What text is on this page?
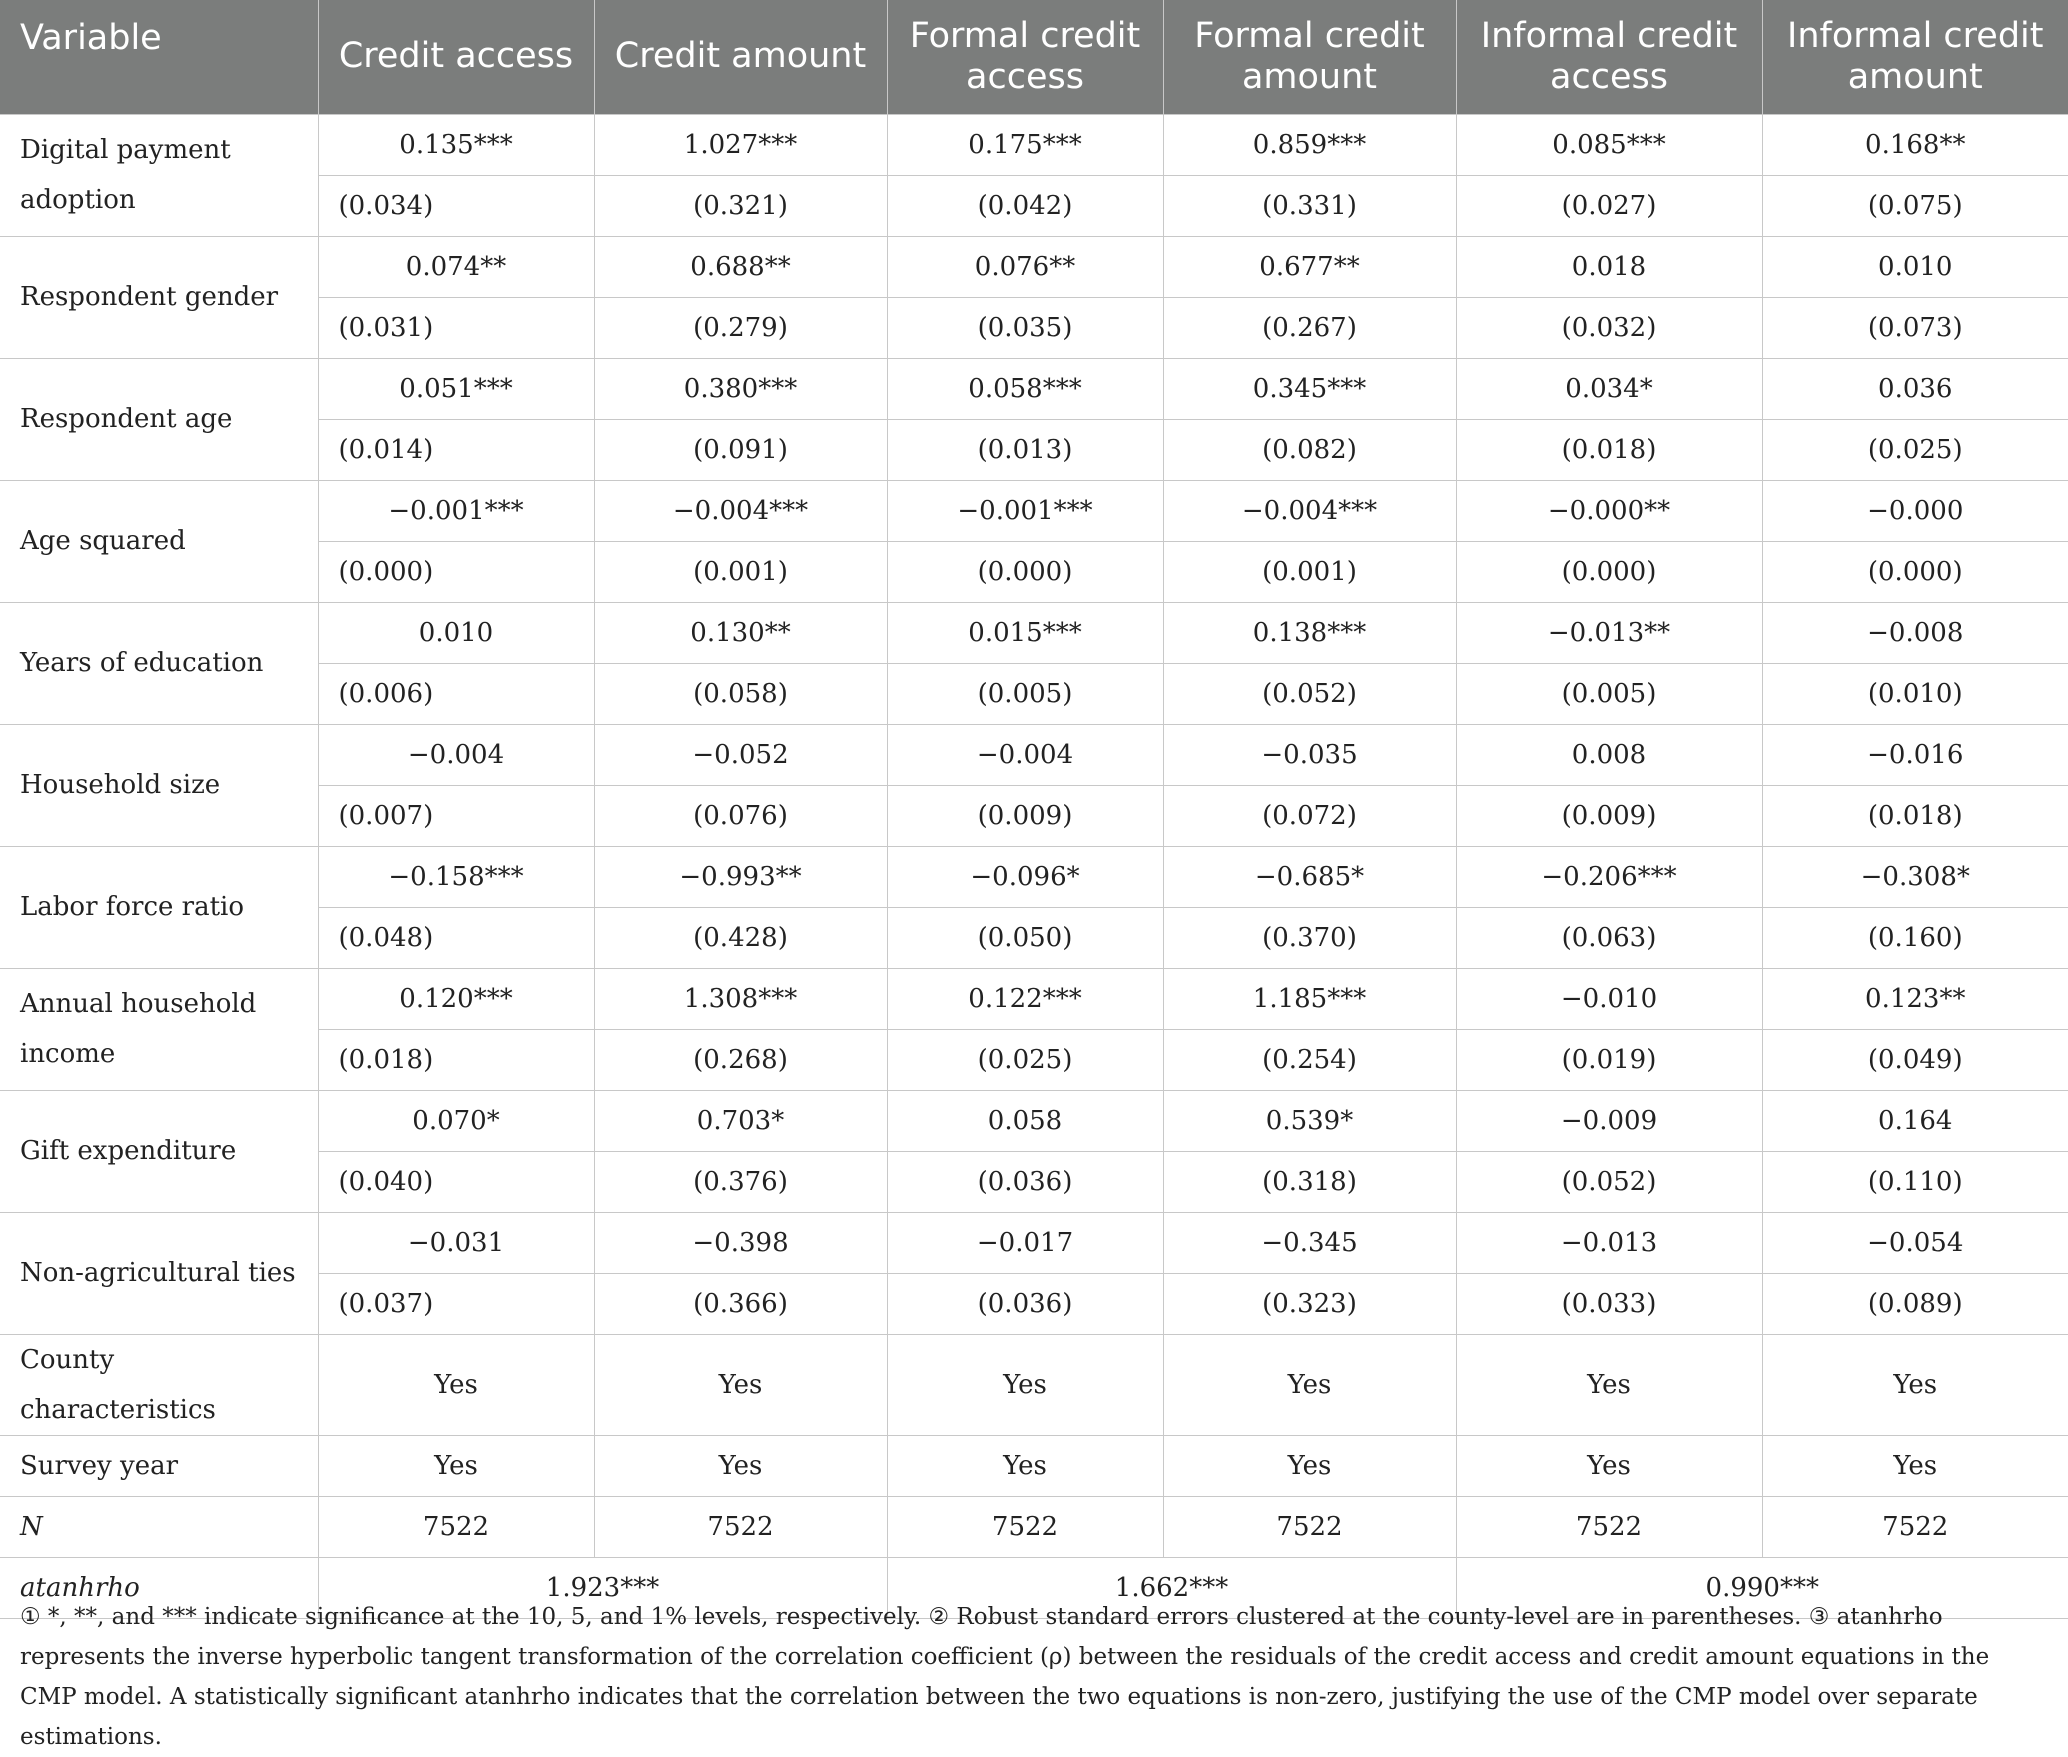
Variable	Credit access	Credit amount	Formal credit access	Formal credit amount	Informal credit access	Informal credit amount
Digital payment adoption	0.135***	1.027***	0.175***	0.859***	0.085***	0.168**
	(0.034)	(0.321)	(0.042)	(0.331)	(0.027)	(0.075)
Respondent gender	0.074**	0.688**	0.076**	0.677**	0.018	0.010
	(0.031)	(0.279)	(0.035)	(0.267)	(0.032)	(0.073)
Respondent age	0.051***	0.380***	0.058***	0.345***	0.034*	0.036
	(0.014)	(0.091)	(0.013)	(0.082)	(0.018)	(0.025)
Age squared	−0.001***	−0.004***	−0.001***	−0.004***	−0.000**	−0.000
	(0.000)	(0.001)	(0.000)	(0.001)	(0.000)	(0.000)
Years of education	0.010	0.130**	0.015***	0.138***	−0.013**	−0.008
	(0.006)	(0.058)	(0.005)	(0.052)	(0.005)	(0.010)
Household size	−0.004	−0.052	−0.004	−0.035	0.008	−0.016
	(0.007)	(0.076)	(0.009)	(0.072)	(0.009)	(0.018)
Labor force ratio	−0.158***	−0.993**	−0.096*	−0.685*	−0.206***	−0.308*
	(0.048)	(0.428)	(0.050)	(0.370)	(0.063)	(0.160)
Annual household income	0.120***	1.308***	0.122***	1.185***	−0.010	0.123**
	(0.018)	(0.268)	(0.025)	(0.254)	(0.019)	(0.049)
Gift expenditure	0.070*	0.703*	0.058	0.539*	−0.009	0.164
	(0.040)	(0.376)	(0.036)	(0.318)	(0.052)	(0.110)
Non-agricultural ties	−0.031	−0.398	−0.017	−0.345	−0.013	−0.054
	(0.037)	(0.366)	(0.036)	(0.323)	(0.033)	(0.089)
County characteristics	Yes	Yes	Yes	Yes	Yes	Yes
Survey year	Yes	Yes	Yes	Yes	Yes	Yes
N	7522	7522	7522	7522	7522	7522
atanhrho	1.923***		1.662***		0.990***	
① *, **, and *** indicate significance at the 10, 5, and 1% levels, respectively. ② Robust standard errors clustered at the county-level are in parentheses. ③ atanhrho represents the inverse hyperbolic tangent transformation of the correlation coefficient (ρ) between the residuals of the credit access and credit amount equations in the CMP model. A statistically significant atanhrho indicates that the correlation between the two equations is non-zero, justifying the use of the CMP model over separate estimations.
